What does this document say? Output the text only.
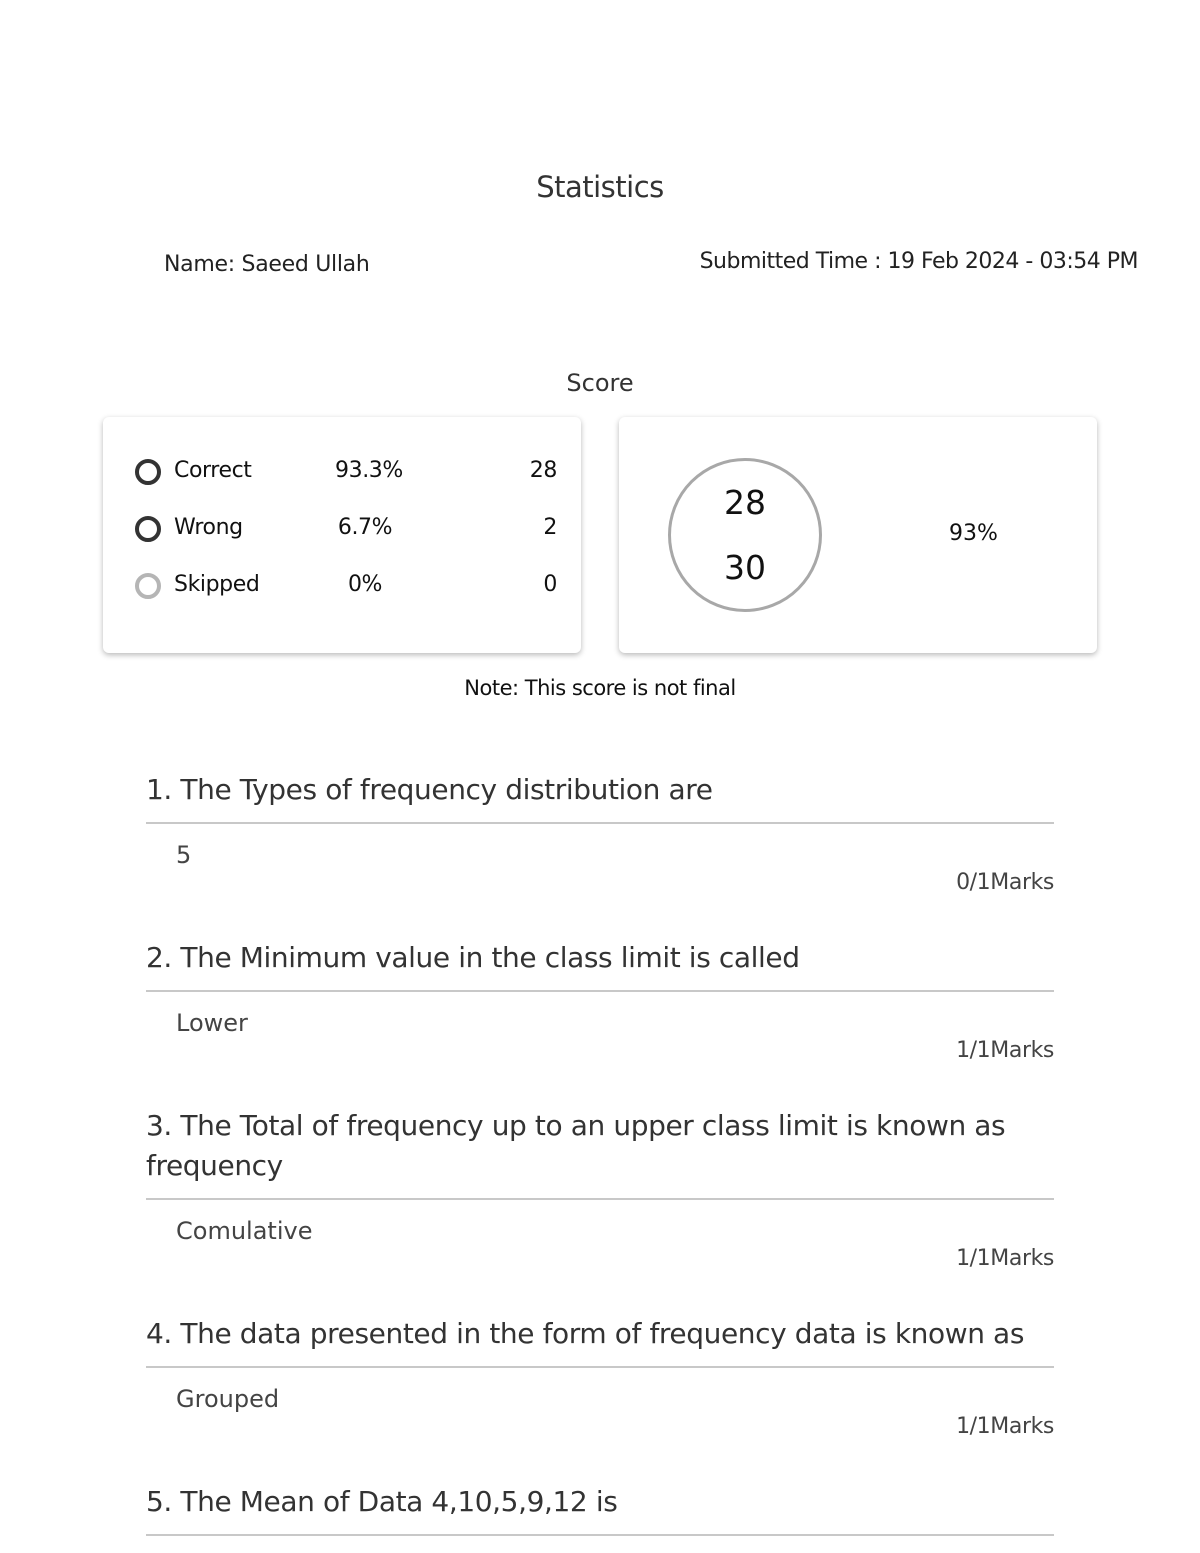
Statistics
Name: Saeed Ullah	Submitted Time : 19 Feb 2024 - 03:54 PM
Score
Correct	93.3%	28
Wrong	6.7%	2
Skipped	0%	0
28
30
93%
Note: This score is not final
1. The Types of frequency distribution are
5
0/1Marks
2. The Minimum value in the class limit is called
Lower
1/1Marks
3. The Total of frequency up to an upper class limit is known as frequency
Comulative
1/1Marks
4. The data presented in the form of frequency data is known as
Grouped
1/1Marks
5. The Mean of Data 4,10,5,9,12 is
